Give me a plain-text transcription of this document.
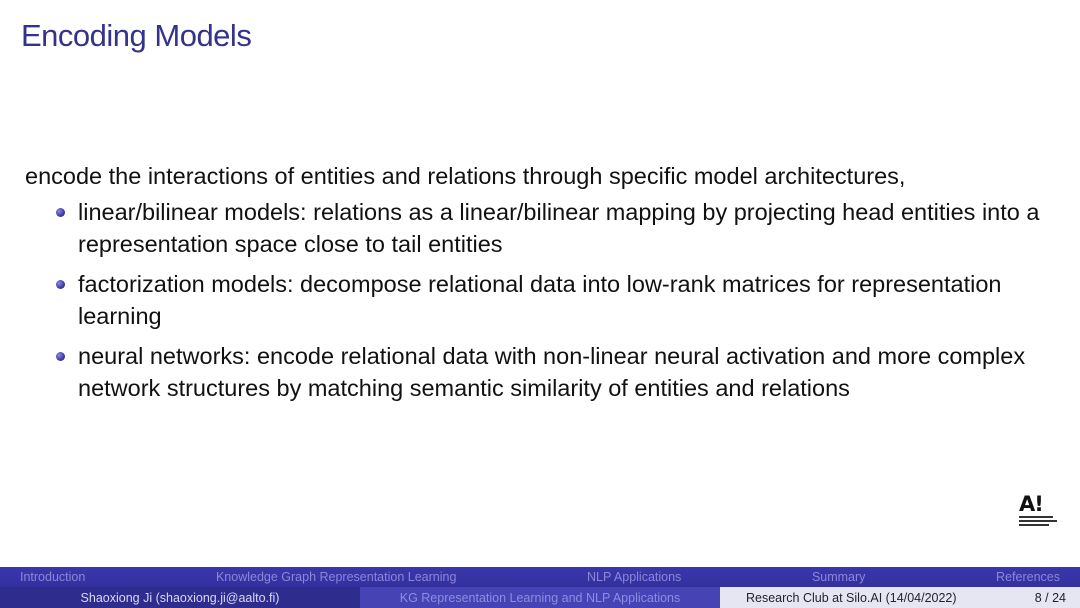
Encoding Models

encode the interactions of entities and relations through specific model architectures,

linear/bilinear models: relations as a linear/bilinear mapping by projecting head entities into a representation space close to tail entities
factorization models: decompose relational data into low-rank matrices for representation learning
neural networks: encode relational data with non-linear neural activation and more complex network structures by matching semantic similarity of entities and relations
A!
Introduction	Knowledge Graph Representation Learning	NLP Applications	Summary	References
Shaoxiong Ji (shaoxiong.ji@aalto.fi)	KG Representation Learning and NLP Applications	Research Club at Silo.AI (14/04/2022)	8 / 24
